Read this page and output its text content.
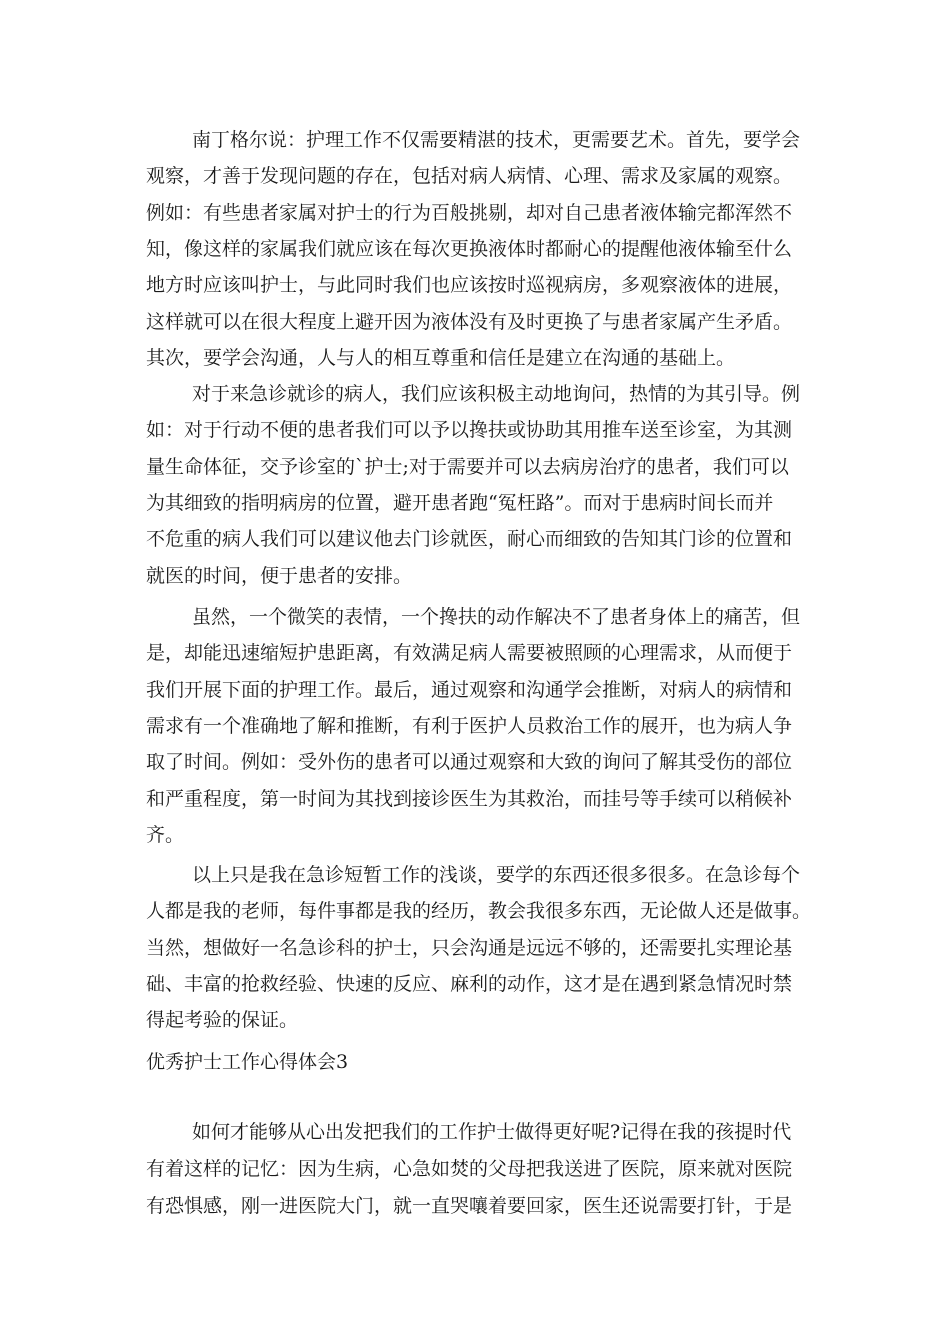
南丁格尔说：护理工作不仅需要精湛的技术，更需要艺术。首先，要学会
观察，才善于发现问题的存在，包括对病人病情、心理、需求及家属的观察。
例如：有些患者家属对护士的行为百般挑剔，却对自己患者液体输完都浑然不
知，像这样的家属我们就应该在每次更换液体时都耐心的提醒他液体输至什么
地方时应该叫护士，与此同时我们也应该按时巡视病房，多观察液体的进展，
这样就可以在很大程度上避开因为液体没有及时更换了与患者家属产生矛盾。
其次，要学会沟通，人与人的相互尊重和信任是建立在沟通的基础上。
对于来急诊就诊的病人，我们应该积极主动地询问，热情的为其引导。例
如：对于行动不便的患者我们可以予以搀扶或协助其用推车送至诊室，为其测
量生命体征，交予诊室的`护士;对于需要并可以去病房治疗的患者，我们可以
为其细致的指明病房的位置，避开患者跑“冤枉路”。而对于患病时间长而并
不危重的病人我们可以建议他去门诊就医，耐心而细致的告知其门诊的位置和
就医的时间，便于患者的安排。
虽然，一个微笑的表情，一个搀扶的动作解决不了患者身体上的痛苦，但
是，却能迅速缩短护患距离，有效满足病人需要被照顾的心理需求，从而便于
我们开展下面的护理工作。最后，通过观察和沟通学会推断，对病人的病情和
需求有一个准确地了解和推断，有利于医护人员救治工作的展开，也为病人争
取了时间。例如：受外伤的患者可以通过观察和大致的询问了解其受伤的部位
和严重程度，第一时间为其找到接诊医生为其救治，而挂号等手续可以稍候补
齐。
以上只是我在急诊短暂工作的浅谈，要学的东西还很多很多。在急诊每个
人都是我的老师，每件事都是我的经历，教会我很多东西，无论做人还是做事。
当然，想做好一名急诊科的护士，只会沟通是远远不够的，还需要扎实理论基
础、丰富的抢救经验、快速的反应、麻利的动作，这才是在遇到紧急情况时禁
得起考验的保证。
优秀护士工作心得体会3
如何才能够从心出发把我们的工作护士做得更好呢?记得在我的孩提时代
有着这样的记忆：因为生病，心急如焚的父母把我送进了医院，原来就对医院
有恐惧感，刚一进医院大门，就一直哭嚷着要回家，医生还说需要打针，于是
